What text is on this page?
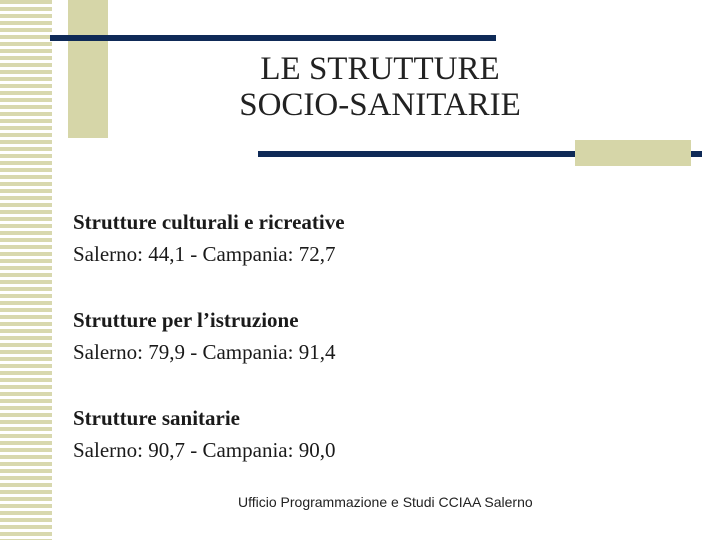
LE STRUTTURE
SOCIO-SANITARIE
Strutture culturali e ricreative
Salerno: 44,1 - Campania: 72,7
Strutture per l’istruzione
Salerno: 79,9 - Campania: 91,4
Strutture sanitarie
Salerno: 90,7 - Campania: 90,0
Ufficio Programmazione e Studi CCIAA Salerno
